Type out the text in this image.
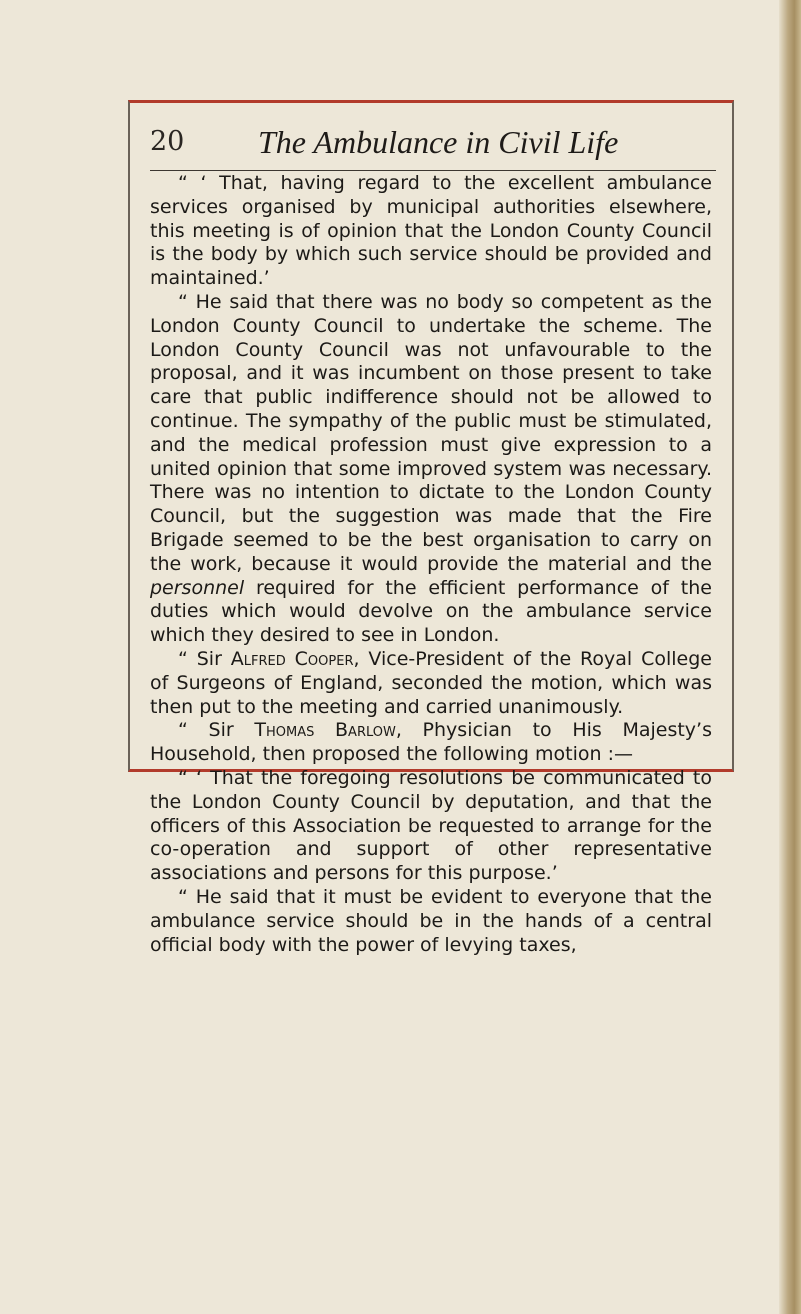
20 The Ambulance in Civil Life

“ ‘ That, having regard to the excellent ambulance services organised by municipal authorities elsewhere, this meeting is of opinion that the London County Council is the body by which such service should be provided and maintained.’

“ He said that there was no body so competent as the London County Council to undertake the scheme. The London County Council was not unfavourable to the proposal, and it was incumbent on those present to take care that public indifference should not be allowed to continue. The sympathy of the public must be stimulated, and the medical profession must give expression to a united opinion that some improved system was necessary. There was no intention to dictate to the London County Council, but the suggestion was made that the Fire Brigade seemed to be the best organisation to carry on the work, because it would provide the material and the personnel required for the efficient performance of the duties which would devolve on the ambulance service which they desired to see in London.

“ Sir Alfred Cooper, Vice-President of the Royal College of Surgeons of England, seconded the motion, which was then put to the meeting and carried unanimously.

“ Sir Thomas Barlow, Physician to His Majesty’s Household, then proposed the following motion :—

“ ‘ That the foregoing resolutions be communicated to the London County Council by deputation, and that the officers of this Association be requested to arrange for the co-operation and support of other representative associations and persons for this purpose.’

“ He said that it must be evident to everyone that the ambulance service should be in the hands of a central official body with the power of levying taxes,
